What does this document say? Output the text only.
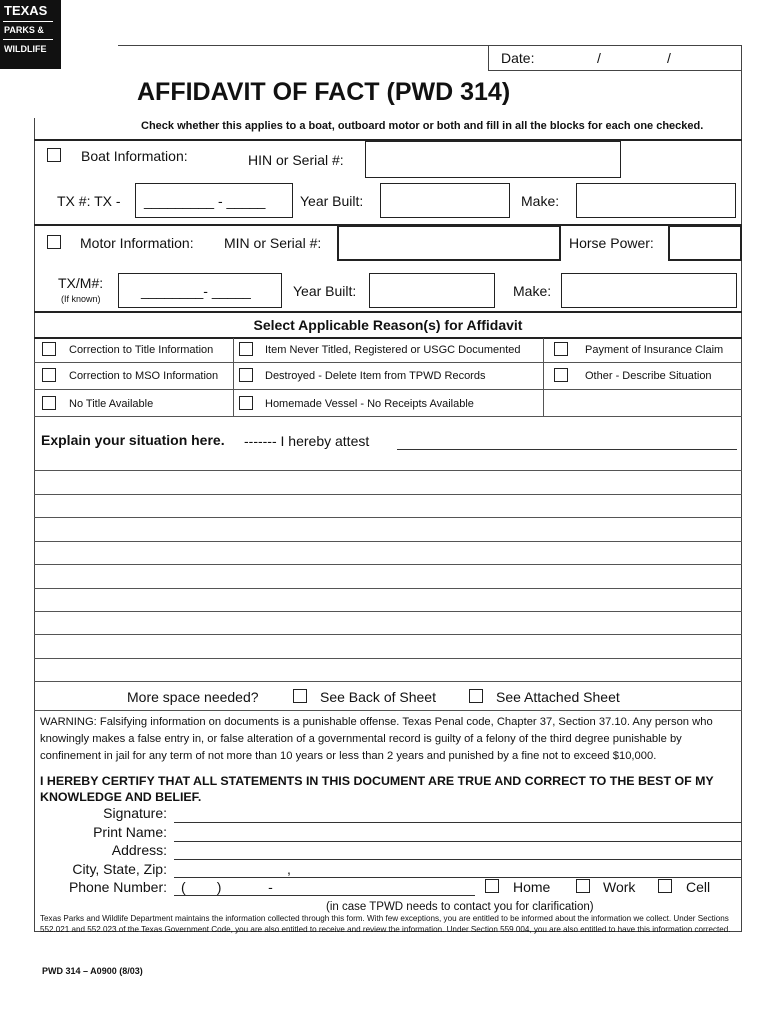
TEXAS
PARKS &
WILDLIFE
Date:	/	/
AFFIDAVIT OF FACT (PWD 314)
Check whether this applies to a boat, outboard motor or both and fill in all the blocks for each one checked.
Boat Information:	HIN or Serial #:
TX #: TX - _________ - _____ Year Built:	Make:
Motor Information: MIN or Serial #:	Horse Power:
TX/M#:
(If known)	________- _____	Year Built:	Make:
Select Applicable Reason(s) for Affidavit
Correction to Title Information	Item Never Titled, Registered or USGC Documented	Payment of Insurance Claim
Correction to MSO Information	Destroyed - Delete Item from TPWD Records	Other - Describe Situation
No Title Available	Homemade Vessel - No Receipts Available
Explain your situation here. ------- I hereby attest
More space needed?	See Back of Sheet	See Attached Sheet
WARNING: Falsifying information on documents is a punishable offense. Texas Penal code, Chapter 37, Section 37.10. Any person who knowingly makes a false entry in, or false alteration of a governmental record is guilty of a felony of the third degree punishable by confinement in jail for any term of not more than 10 years or less than 2 years and punished by a fine not to exceed $10,000.
I HEREBY CERTIFY THAT ALL STATEMENTS IN THIS DOCUMENT ARE TRUE AND CORRECT TO THE BEST OF MY KNOWLEDGE AND BELIEF.
Signature:
Print Name:
Address:
City, State, Zip:	,
Phone Number: (        )            -	Home	Work	Cell
(in case TPWD needs to contact you for clarification)
Texas Parks and Wildlife Department maintains the information collected through this form. With few exceptions, you are entitled to be informed about the information we collect. Under Sections 552.021 and 552.023 of the Texas Government Code, you are also entitled to receive and review the information. Under Section 559.004, you are also entitled to have this information corrected.
PWD 314 – A0900 (8/03)
